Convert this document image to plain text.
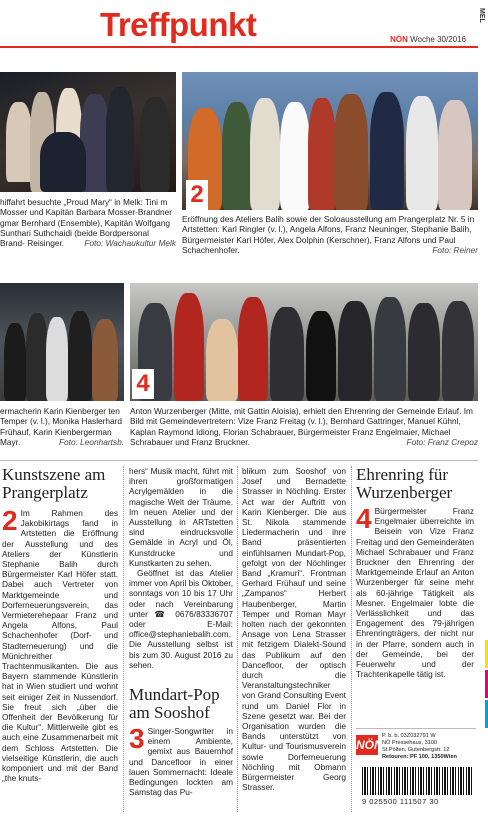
Treffpunkt	MEL
NÖN Woche 30/2016
2
hiffahrt besuchte „Proud Mary“ in Melk: Tini m Mosser und Kapitän Barbara Mosser-Brandner gmar Bernhard (Ensemble), Kapitän Wolfgang Sunthari Suthchaidi (beide Bordpersonal Brand- Reisinger. Foto: Wachaukultur Melk
Eröffnung des Ateliers Balih sowie der Soloausstellung am Prangerplatz Nr. 5 in Artstetten: Karl Ringler (v. l.), Angela Alfons, Franz Neuninger, Stephanie Balih, Bürgermeister Karl Höfer, Alex Dolphin (Kerschner), Franz Alfons und Paul Schachenhofer.	Foto: Reiner
4
ermacherin Karin Kienberger ten Temper (v. l.), Monika Haslerhard Frühauf, Karin Kienbergerman Mayr.	Foto: Leonhartsb.
Anton Wurzenberger (Mitte, mit Gattin Aloisia), erhielt den Ehrenring der Gemeinde Erlauf. Im Bild mit Gemeindevertretern: Vize Franz Freitag (v. l.), Bernhard Gattringer, Manuel Kühnl, Kaplan Raymond Idiong, Florian Schabrauer, Bürgermeister Franz Engelmaier, Michael Schrabauer und Franz Bruckner.	Foto: Franz Crepoz
Kunstszene am Prangerplatz

2 Im Rahmen des Jakobikirtags fand in Artstetten die Eröffnung der Ausstellung und des Ateliers der Künstlerin Stephanie Balih durch Bürgermeister Karl Höfer statt. Dabei auch Vertreter von Marktgemeinde und Dorferneuerungsverein, das Vermieterehepaar Franz und Angela Alfons, Paul Schachenhofer (Dorf- und Stadterneuerung) und die Münichreither Trachtenmusikanten. Die aus Bayern stammende Künstlerin hat in Wien studiert und wohnt seit einiger Zeit in Nussendorf. Sie freut sich „über die Offenheit der Bevölkerung für die Kultur“. Mittlerweile gibt es auch eine Zusammenarbeit mit dem Schloss Artstetten. Die vielseitige Künstlerin, die auch komponiert und mit der Band „the knuts-

hers“ Musik macht, führt mit ihren großformatigen Acrylgemälden in die magische Welt der Träume. Im neuen Atelier und der Ausstellung in ARTstetten sind eindrucksvolle Gemälde in Acryl und Öl, Kunstdrucke und Kunstkarten zu sehen.

Geöffnet ist das Atelier immer von April bis Oktober, sonntags von 10 bis 17 Uhr oder nach Vereinbarung unter ☎ 0676/83336707 oder E-Mail: office@stephaniebalih.com. Die Ausstellung selbst ist bis zum 30. August 2016 zu sehen.

Mundart-Pop am Sooshof

3 Singer-Songwriter in einem Ambiente, gemixt aus Bauernhof und Dancefloor in einer lauen Sommernacht: Ideale Bedingungen lockten am Samstag das Pu-

blikum zum Sooshof von Josef und Bernadette Strasser in Nöchling. Erster Act war der Auftritt von Karin Kienberger. Die aus St. Nikola stammende Liedermacherin und ihre Band präsentierten einfühlsamen Mundart-Pop, gefolgt von der Nöchlinger Band „Kramuri“. Frontman Gerhard Frühauf und seine „Zampanos“ Herbert Haubenberger, Martin Temper und Roman Mayr holten nach der gekonnten Ansage von Lena Strasser mit fetzigem Dialekt-Sound das Publikum auf den Dancefloor, der optisch durch die Veranstaltungstechniker von Grand Consulting Event rund um Daniel Flor in Szene gesetzt war. Bei der Organisation wurden die Bands unterstützt von Kultur- und Tourismusverein sowie Dorferneuerung Nöchling mit Obmann Bürgermeister Georg Strasser.

Ehrenring für Wurzenberger

4 Bürgermeister Franz Engelmaier überreichte im Beisein von Vize Franz Freitag und den Gemeinderäten Michael Schrabauer und Franz Bruckner den Ehrenring der Marktgemeinde Erlauf an Anton Wurzenberger für seine mehr als 60-jährige Tätigkeit als Mesner. Engelmaier lobte die Verlässlichkeit und das Engagement des 79-jährigen Ehrenringträgers, der nicht nur in der Pfarre, sondern auch in der Gemeinde, bei der Feuerwehr und der Trachtenkapelle tätig ist.

NÖN
P. b. b. 03Z032791 W
NÖ Pressehaus, 3100
St.Pölten, Gutenbergstr. 12
Retouren: PF 100, 1350Wien
9 025500 111507 30
